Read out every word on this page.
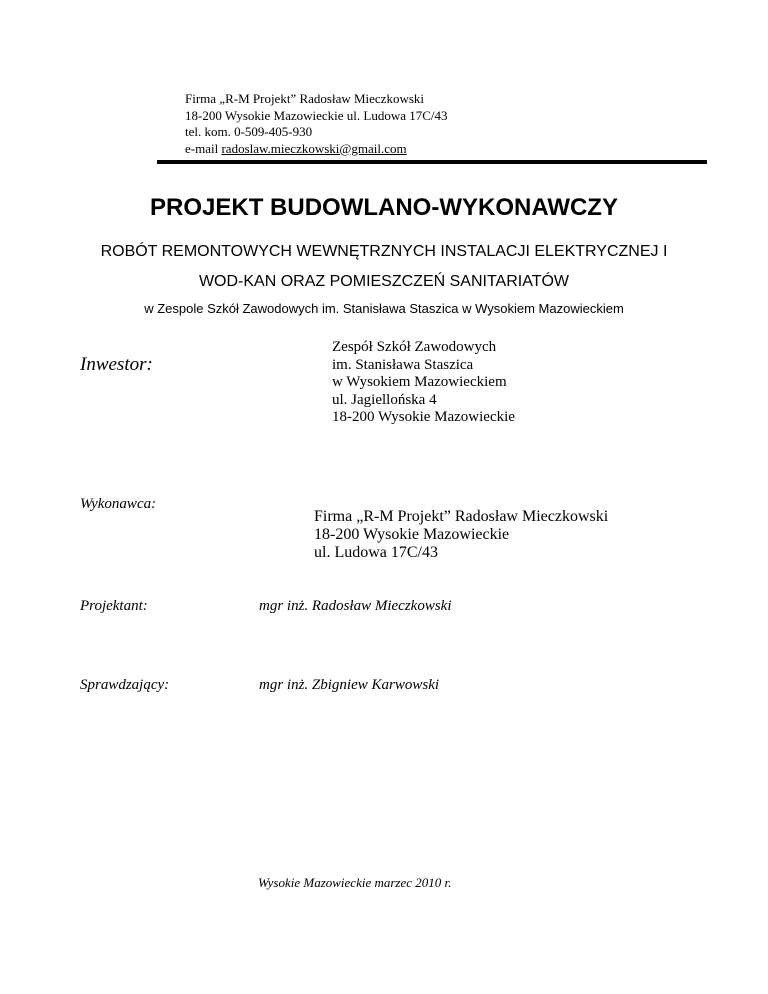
Firma „R-M Projekt” Radosław Mieczkowski
18-200 Wysokie Mazowieckie ul. Ludowa 17C/43
tel. kom. 0-509-405-930
e-mail radoslaw.mieczkowski@gmail.com
PROJEKT BUDOWLANO-WYKONAWCZY
ROBÓT REMONTOWYCH WEWNĘTRZNYCH INSTALACJI ELEKTRYCZNEJ I
WOD-KAN ORAZ POMIESZCZEŃ SANITARIATÓW
w Zespole Szkół Zawodowych im. Stanisława Staszica w Wysokiem Mazowieckiem
Inwestor:
Zespół Szkół Zawodowych
im. Stanisława Staszica
w Wysokiem Mazowieckiem
ul. Jagiellońska 4
18-200 Wysokie Mazowieckie
Wykonawca:
Firma „R-M Projekt” Radosław Mieczkowski
18-200 Wysokie Mazowieckie
ul. Ludowa 17C/43
Projektant:	mgr inż. Radosław Mieczkowski
Sprawdzający:	mgr inż. Zbigniew Karwowski
Wysokie Mazowieckie marzec 2010 r.
